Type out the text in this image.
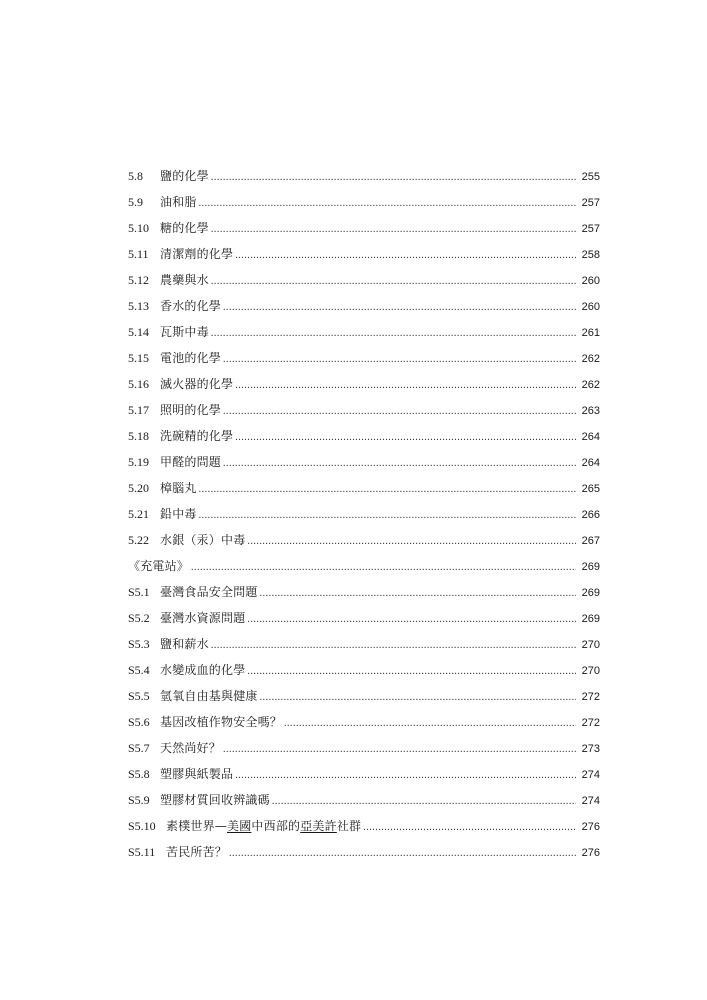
5.8	鹽的化學 .....	255
5.9	油和脂 .....	257
5.10 糖的化學 .....	257
5.11 清潔劑的化學 .....	258
5.12 農藥與水 .....	260
5.13 香水的化學 .....	260
5.14 瓦斯中毒 .....	261
5.15 電池的化學 .....	262
5.16 滅火器的化學 .....	262
5.17 照明的化學 .....	263
5.18 洗碗精的化學 .....	264
5.19 甲醛的問題 .....	264
5.20 樟腦丸 .....	265
5.21 鉛中毒 .....	266
5.22 水銀（汞）中毒 .....	267
《充電站》 .....	269
S5.1 臺灣食品安全問題 .....	269
S5.2 臺灣水資源問題 .....	269
S5.3 鹽和薪水 .....	270
S5.4 水變成血的化學 .....	270
S5.5 氫氧自由基與健康 .....	272
S5.6 基因改植作物安全嗎？ .....	272
S5.7 天然尚好？ .....	273
S5.8 塑膠與紙製品 .....	274
S5.9 塑膠材質回收辨識碼 .....	274
S5.10 素樸世界—美國中西部的亞美許社群 .....	276
S5.11 苦民所苦？ .....	276
